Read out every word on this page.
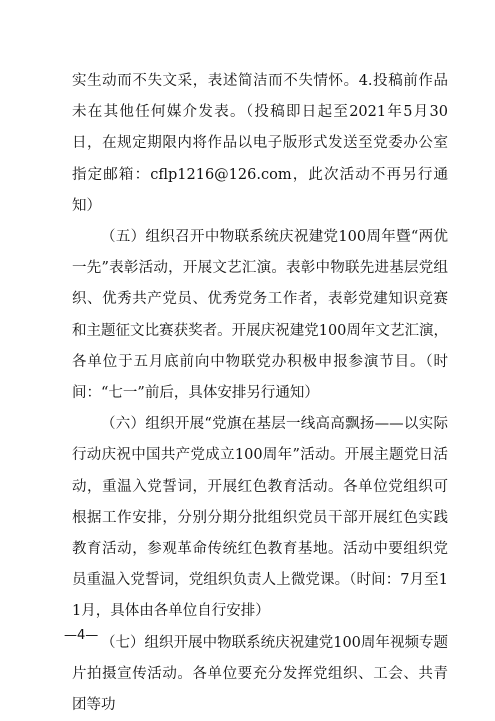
实生动而不失文采，表述简洁而不失情怀。4.投稿前作品未在其他任何媒介发表。（投稿即日起至2021年5月30日，在规定期限内将作品以电子版形式发送至党委办公室指定邮箱：cflp1216@126.com，此次活动不再另行通知）

（五）组织召开中物联系统庆祝建党100周年暨“两优一先”表彰活动，开展文艺汇演。表彰中物联先进基层党组织、优秀共产党员、优秀党务工作者，表彰党建知识竞赛和主题征文比赛获奖者。开展庆祝建党100周年文艺汇演，各单位于五月底前向中物联党办积极申报参演节目。（时间：“七一”前后，具体安排另行通知）

（六）组织开展“党旗在基层一线高高飘扬——以实际行动庆祝中国共产党成立100周年”活动。开展主题党日活动，重温入党誓词，开展红色教育活动。各单位党组织可根据工作安排，分别分期分批组织党员干部开展红色实践教育活动，参观革命传统红色教育基地。活动中要组织党员重温入党誓词，党组织负责人上微党课。（时间：7月至11月，具体由各单位自行安排）

（七）组织开展中物联系统庆祝建党100周年视频专题片拍摄宣传活动。各单位要充分发挥党组织、工会、共青团等功

—4—
